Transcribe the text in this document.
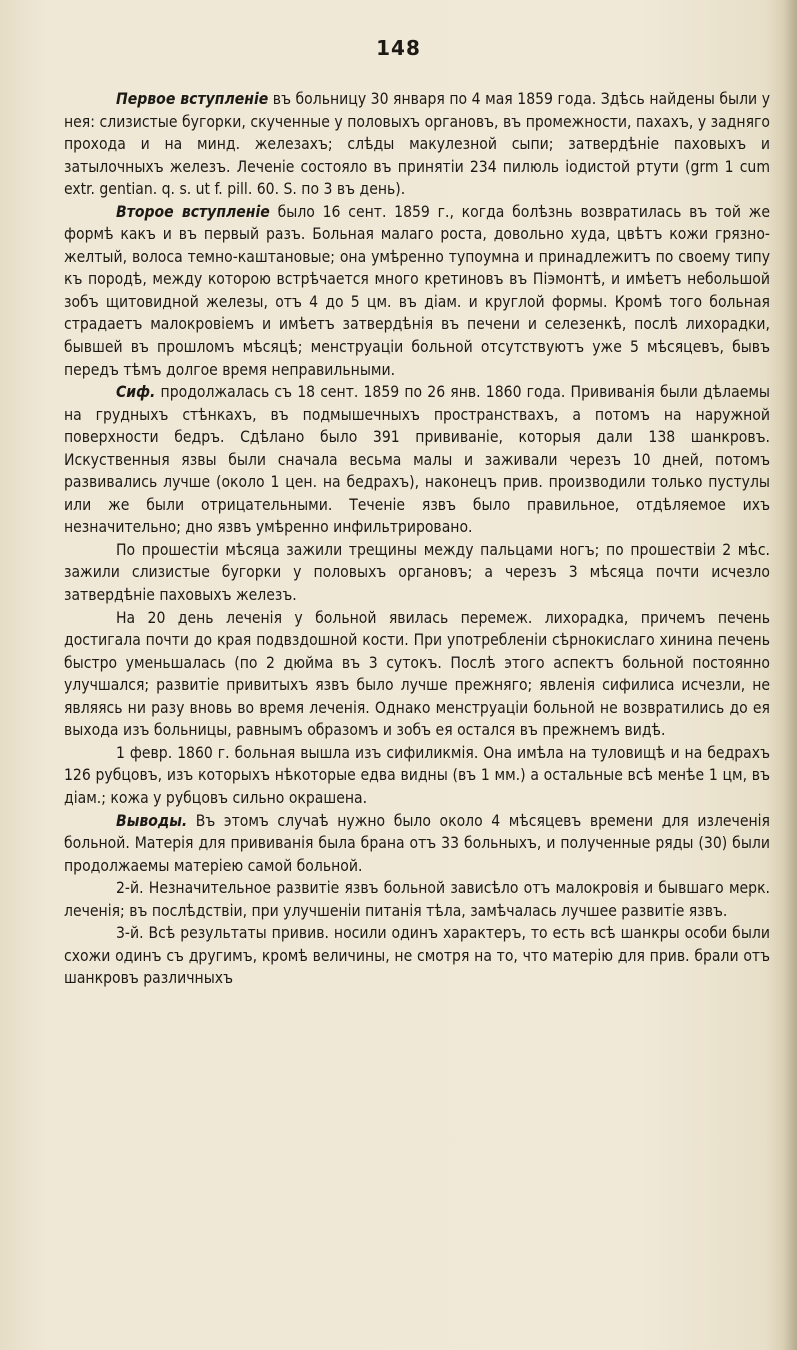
148

Первое вступленіе въ больницу 30 января по 4 мая 1859 года. Здѣсь найдены были у нея: слизистые бугорки, скученные у половыхъ органовъ, въ промежности, пахахъ, у задняго прохода и на минд. железахъ; слѣды макулезной сыпи; затвердѣніе паховыхъ и затылочныхъ железъ. Леченіе состояло въ принятіи 234 пилюль іодистой ртути (grm 1 cum extr. gentian. q. s. ut f. pill. 60. S. по 3 въ день).

Второе вступленіе было 16 сент. 1859 г., когда болѣзнь возвратилась въ той же формѣ какъ и въ первый разъ. Больная малаго роста, довольно худа, цвѣтъ кожи грязно-желтый, волоса темно-каштановые; она умѣренно тупоумна и принадлежитъ по своему типу къ породѣ, между которою встрѣчается много кретиновъ въ Піэмонтѣ, и имѣетъ небольшой зобъ щитовидной железы, отъ 4 до 5 цм. въ діам. и круглой формы. Кромѣ того больная страдаетъ малокровіемъ и имѣетъ затвердѣнія въ печени и селезенкѣ, послѣ лихорадки, бывшей въ прошломъ мѣсяцѣ; менструаціи больной отсутствуютъ уже 5 мѣсяцевъ, бывъ передъ тѣмъ долгое время неправильными.

Сиф. продолжалась съ 18 сент. 1859 по 26 янв. 1860 года. Прививанія были дѣлаемы на грудныхъ стѣнкахъ, въ подмышечныхъ пространствахъ, а потомъ на наружной поверхности бедръ. Сдѣлано было 391 прививаніе, которыя дали 138 шанкровъ. Искуственныя язвы были сначала весьма малы и заживали черезъ 10 дней, потомъ развивались лучше (около 1 цен. на бедрахъ), наконецъ прив. производили только пустулы или же были отрицательными. Теченіе язвъ было правильное, отдѣляемое ихъ незначительно; дно язвъ умѣренно инфильтрировано.

По прошестіи мѣсяца зажили трещины между пальцами ногъ; по прошествіи 2 мѣс. зажили слизистые бугорки у половыхъ органовъ; а черезъ 3 мѣсяца почти исчезло затвердѣніе паховыхъ железъ.

На 20 день леченія у больной явилась перемеж. лихорадка, причемъ печень достигала почти до края подвздошной кости. При употребленіи сѣрнокислаго хинина печень быстро уменьшалась (по 2 дюйма въ 3 сутокъ. Послѣ этого аспектъ больной постоянно улучшался; развитіе привитыхъ язвъ было лучше прежняго; явленія сифилиса исчезли, не являясь ни разу вновь во время леченія. Однако менструаціи больной не возвратились до ея выхода изъ больницы, равнымъ образомъ и зобъ ея остался въ прежнемъ видѣ.

1 февр. 1860 г. больная вышла изъ сифиликмія. Она имѣла на туловищѣ и на бедрахъ 126 рубцовъ, изъ которыхъ нѣкоторые едва видны (въ 1 мм.) а остальные всѣ менѣе 1 цм, въ діам.; кожа у рубцовъ сильно окрашена.

Выводы. Въ этомъ случаѣ нужно было около 4 мѣсяцевъ времени для излеченія больной. Матерія для прививанія была брана отъ 33 больныхъ, и полученные ряды (30) были продолжаемы матеріею самой больной.

2-й. Незначительное развитіе язвъ больной зависѣло отъ малокровія и бывшаго мерк. леченія; въ послѣдствіи, при улучшеніи питанія тѣла, замѣчалась лучшее развитіе язвъ.

3-й. Всѣ результаты привив. носили одинъ характеръ, то есть всѣ шанкры особи были схожи одинъ съ другимъ, кромѣ величины, не смотря на то, что матерію для прив. брали отъ шанкровъ различныхъ
